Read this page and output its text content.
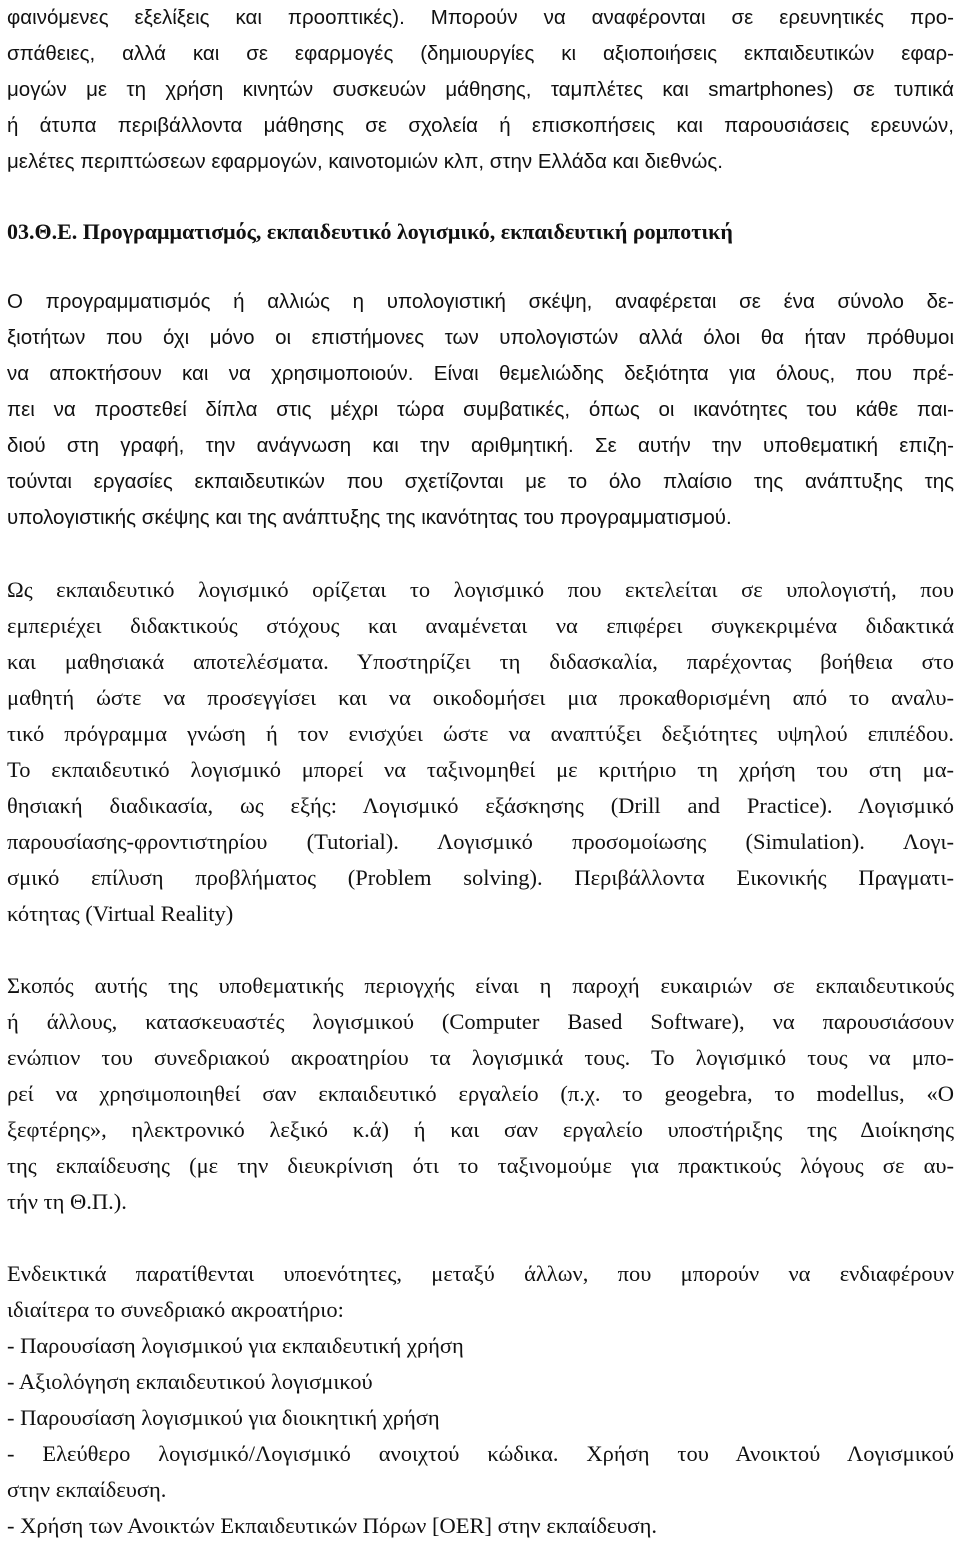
φαινόμενες εξελίξεις και προοπτικές). Μπορούν να αναφέρονται σε ερευνητικές προ-
σπάθειες, αλλά και σε εφαρμογές (δημιουργίες κι αξιοποιήσεις εκπαιδευτικών εφαρ-
μογών με τη χρήση κινητών συσκευών μάθησης, ταμπλέτες και smartphones) σε τυπικά
ή άτυπα περιβάλλοντα μάθησης σε σχολεία ή επισκοπήσεις και παρουσιάσεις ερευνών,
μελέτες περιπτώσεων εφαρμογών, καινοτομιών κλπ, στην Ελλάδα και διεθνώς.
03.Θ.Ε. Προγραμματισμός, εκπαιδευτικό λογισμικό, εκπαιδευτική ρομποτική
Ο προγραμματισμός ή αλλιώς η υπολογιστική σκέψη, αναφέρεται σε ένα σύνολο δε-
ξιοτήτων που όχι μόνο οι επιστήμονες των υπολογιστών αλλά όλοι θα ήταν πρόθυμοι
να αποκτήσουν και να χρησιμοποιούν. Είναι θεμελιώδης δεξιότητα για όλους, που πρέ-
πει να προστεθεί δίπλα στις μέχρι τώρα συμβατικές, όπως οι ικανότητες του κάθε παι-
διού στη γραφή, την ανάγνωση και την αριθμητική. Σε αυτήν την υποθεματική επιζη-
τούνται εργασίες εκπαιδευτικών που σχετίζονται με το όλο πλαίσιο της ανάπτυξης της
υπολογιστικής σκέψης και της ανάπτυξης της ικανότητας του προγραμματισμού.
Ως εκπαιδευτικό λογισμικό ορίζεται το λογισμικό που εκτελείται σε υπολογιστή, που
εμπεριέχει διδακτικούς στόχους και αναμένεται να επιφέρει συγκεκριμένα διδακτικά
και μαθησιακά αποτελέσματα. Υποστηρίζει τη διδασκαλία, παρέχοντας βοήθεια στο
μαθητή ώστε να προσεγγίσει και να οικοδομήσει μια προκαθορισμένη από το αναλυ-
τικό πρόγραμμα γνώση ή τον ενισχύει ώστε να αναπτύξει δεξιότητες υψηλού επιπέδου.
Το εκπαιδευτικό λογισμικό μπορεί να ταξινομηθεί με κριτήριο τη χρήση του στη μα-
θησιακή διαδικασία, ως εξής: Λογισμικό εξάσκησης (Drill and Practice). Λογισμικό
παρουσίασης-φροντιστηρίου (Tutorial). Λογισμικό προσομοίωσης (Simulation). Λογι-
σμικό επίλυση προβλήματος (Problem solving). Περιβάλλοντα Εικονικής Πραγματι-
κότητας (Virtual Reality)
Σκοπός αυτής της υποθεματικής περιογχής είναι η παροχή ευκαιριών σε εκπαιδευτικούς
ή άλλους, κατασκευαστές λογισμικού (Computer Based Software), να παρουσιάσουν
ενώπιον του συνεδριακού ακροατηρίου τα λογισμικά τους. Το λογισμικό τους να μπο-
ρεί να χρησιμοποιηθεί σαν εκπαιδευτικό εργαλείο (π.χ. το geogebra, το modellus, «Ο
ξεφτέρης», ηλεκτρονικό λεξικό κ.ά) ή και σαν εργαλείο υποστήριξης της Διοίκησης
της εκπαίδευσης (με την διευκρίνιση ότι το ταξινομούμε για πρακτικούς λόγους σε αυ-
τήν τη Θ.Π.).
Ενδεικτικά παρατίθενται υποενότητες, μεταξύ άλλων, που μπορούν να ενδιαφέρουν
ιδιαίτερα το συνεδριακό ακροατήριο:
- Παρουσίαση λογισμικού για εκπαιδευτική χρήση
- Αξιολόγηση εκπαιδευτικού λογισμικού
- Παρουσίαση λογισμικού για διοικητική χρήση
- Ελεύθερο λογισμικό/Λογισμικό ανοιχτού κώδικα. Χρήση του Ανοικτού Λογισμικού
στην εκπαίδευση.
- Χρήση των Ανοικτών Εκπαιδευτικών Πόρων [OER] στην εκπαίδευση.
